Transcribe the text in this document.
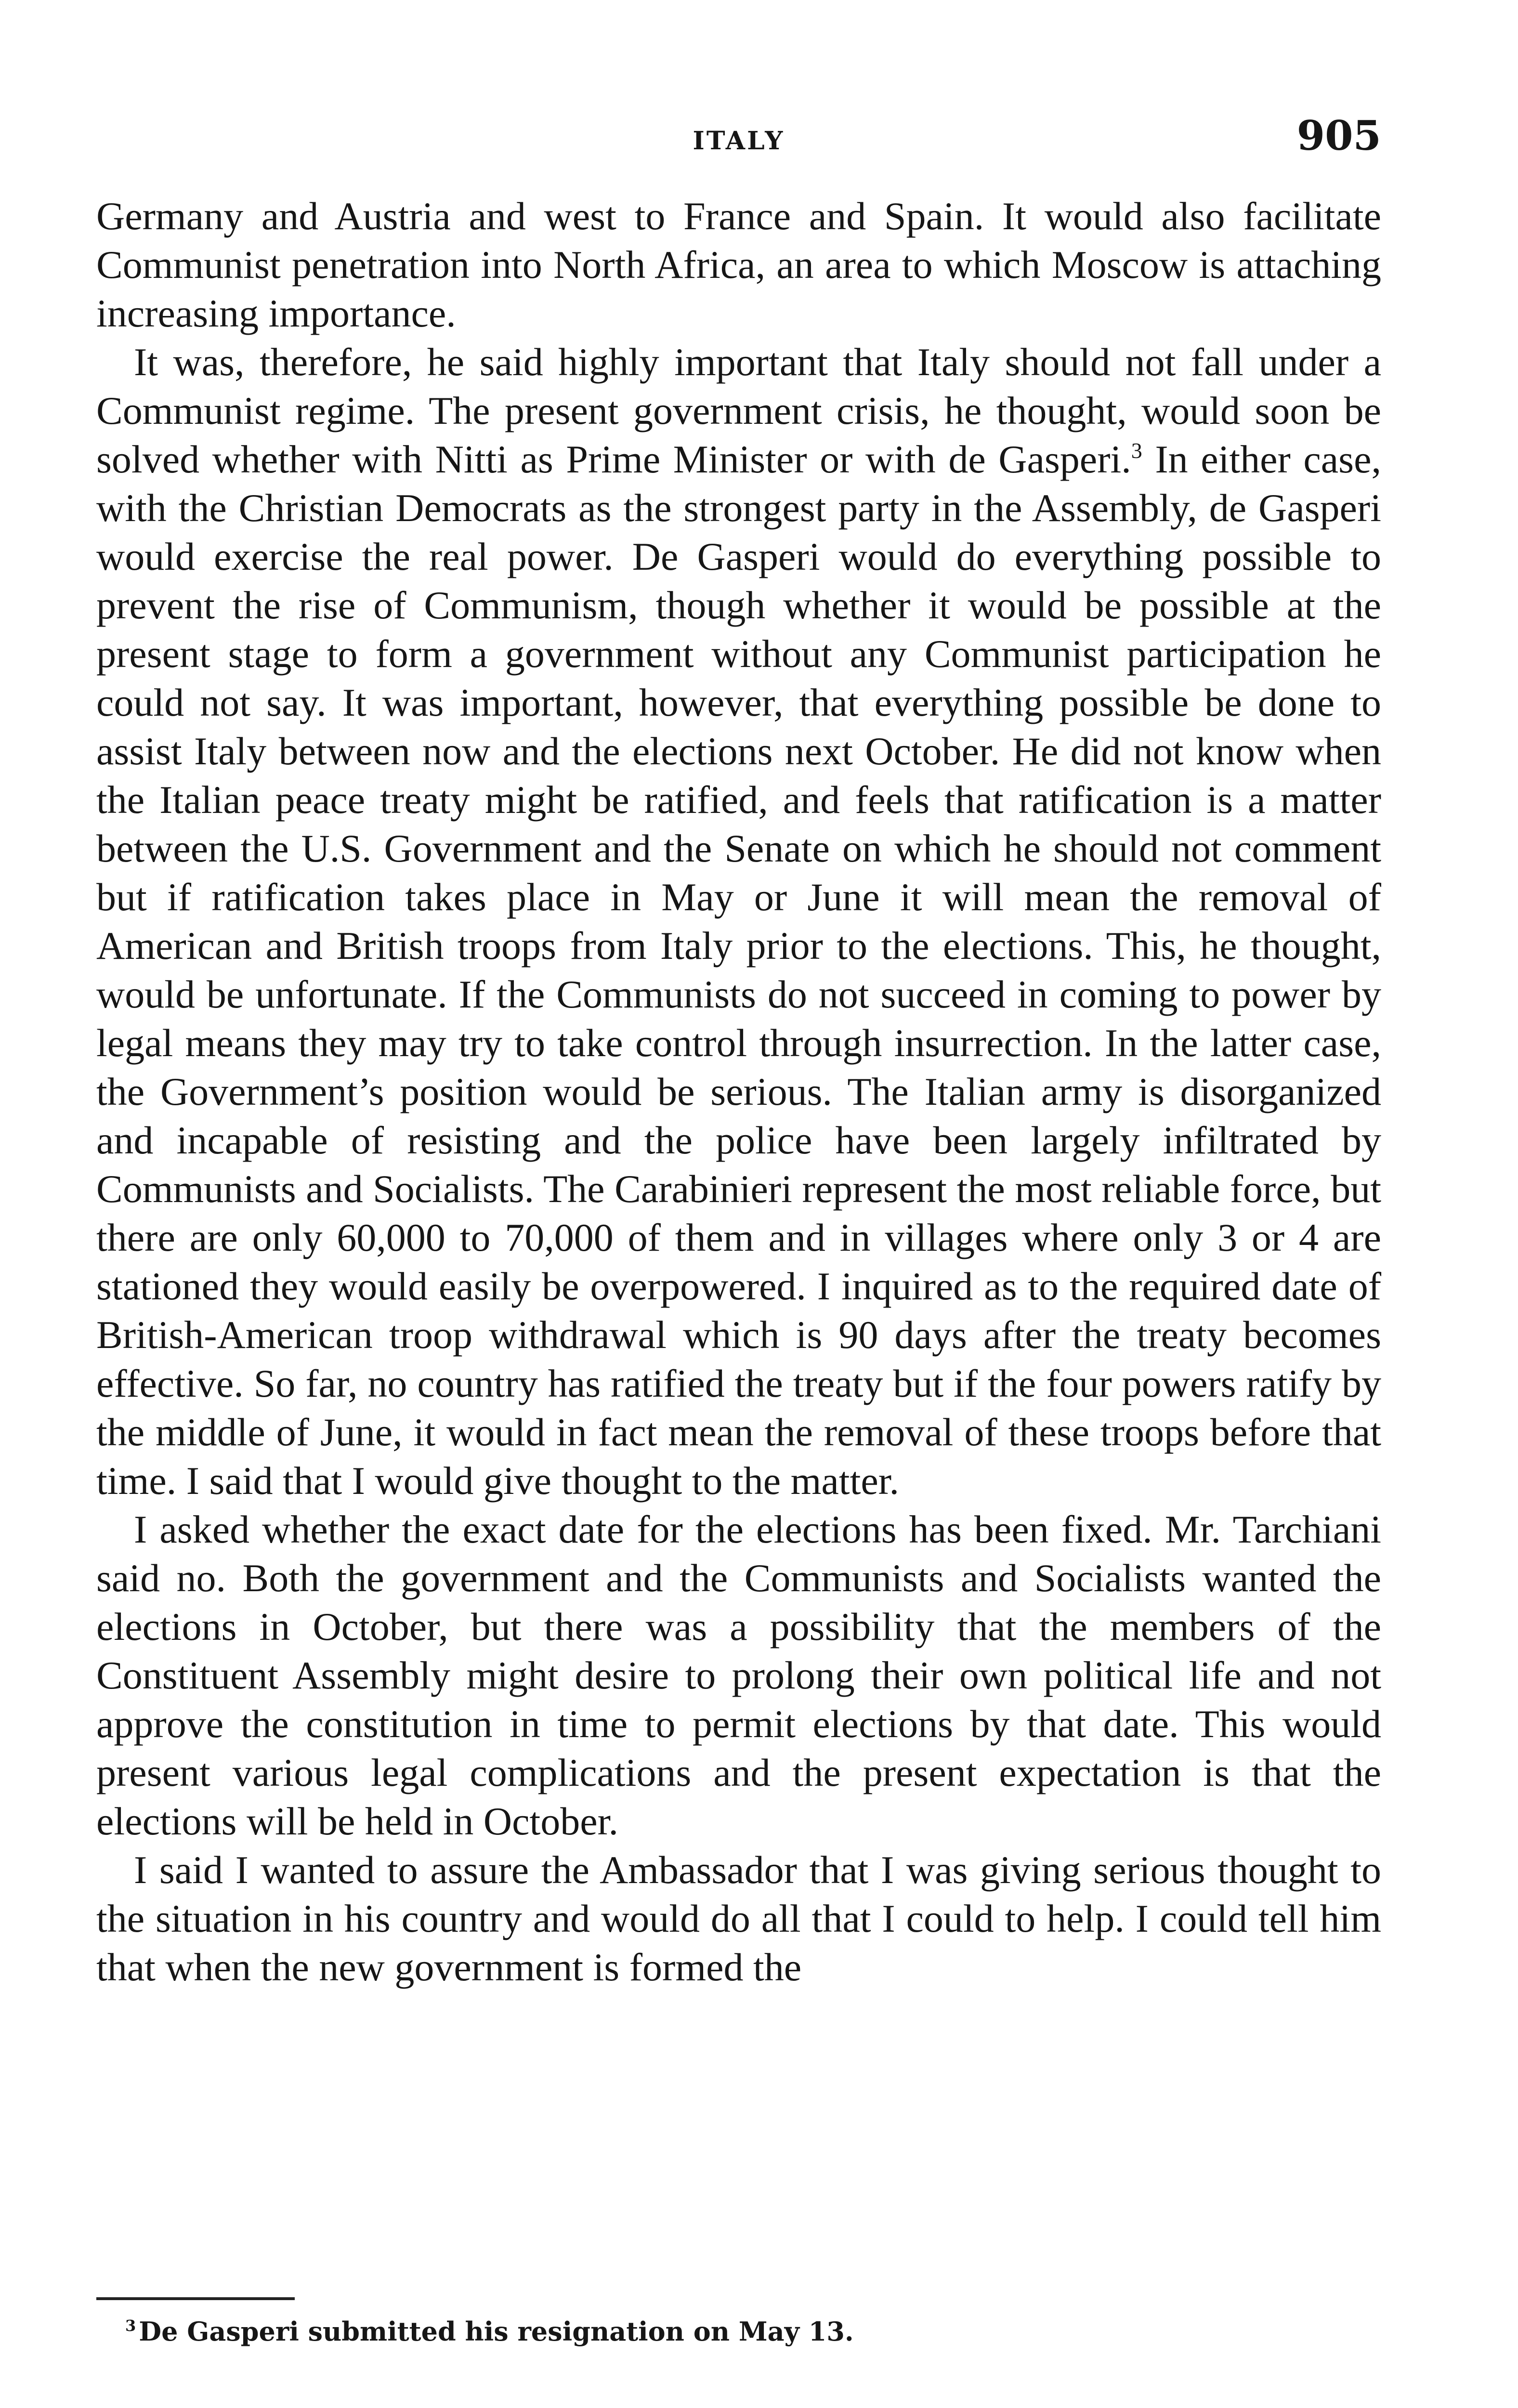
ITALY	905

Germany and Austria and west to France and Spain. It would also facilitate Communist penetration into North Africa, an area to which Moscow is attaching increasing importance.

It was, therefore, he said highly important that Italy should not fall under a Communist regime. The present government crisis, he thought, would soon be solved whether with Nitti as Prime Minister or with de Gasperi.$^3$ In either case, with the Christian Democrats as the strongest party in the Assembly, de Gasperi would exercise the real power. De Gasperi would do everything possible to prevent the rise of Communism, though whether it would be possible at the present stage to form a government without any Communist participation he could not say. It was important, however, that everything possible be done to assist Italy between now and the elections next October. He did not know when the Italian peace treaty might be ratified, and feels that ratification is a matter between the U.S. Government and the Senate on which he should not comment but if ratification takes place in May or June it will mean the removal of American and British troops from Italy prior to the elections. This, he thought, would be unfortunate. If the Communists do not succeed in coming to power by legal means they may try to take control through insurrection. In the latter case, the Government’s position would be serious. The Italian army is disorganized and incapable of resisting and the police have been largely infiltrated by Communists and Socialists. The Carabinieri represent the most reliable force, but there are only 60,000 to 70,000 of them and in villages where only 3 or 4 are stationed they would easily be overpowered. I inquired as to the required date of British-American troop withdrawal which is 90 days after the treaty becomes effective. So far, no country has ratified the treaty but if the four powers ratify by the middle of June, it would in fact mean the removal of these troops before that time. I said that I would give thought to the matter.

I asked whether the exact date for the elections has been fixed. Mr. Tarchiani said no. Both the government and the Communists and Socialists wanted the elections in October, but there was a possibility that the members of the Constituent Assembly might desire to prolong their own political life and not approve the constitution in time to permit elections by that date. This would present various legal complications and the present expectation is that the elections will be held in October.

I said I wanted to assure the Ambassador that I was giving serious thought to the situation in his country and would do all that I could to help. I could tell him that when the new government is formed the

$^3$ De Gasperi submitted his resignation on May 13.
